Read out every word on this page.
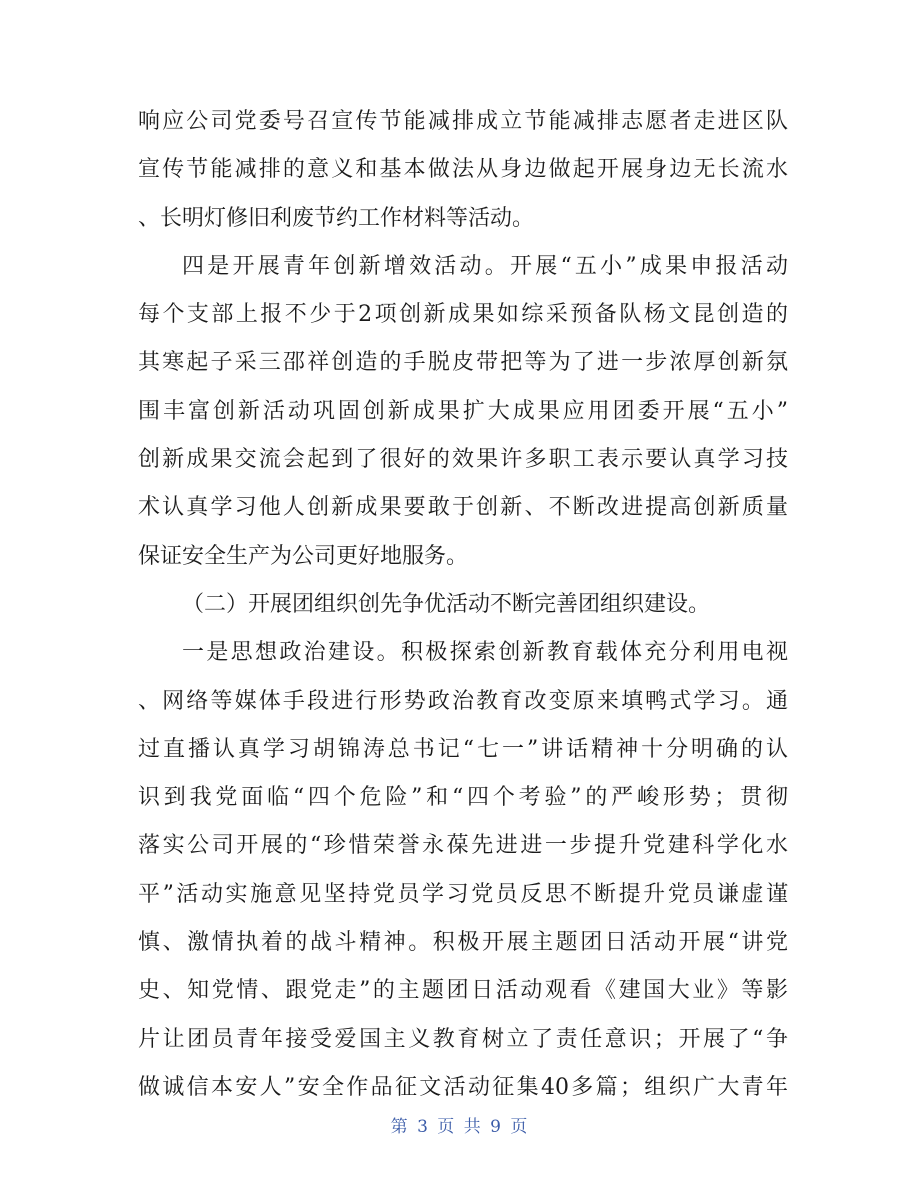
响应公司党委号召宣传节能减排成立节能减排志愿者走进区队
宣传节能减排的意义和基本做法从身边做起开展身边无长流水
、长明灯修旧利废节约工作材料等活动。
四是开展青年创新增效活动。开展“五小”成果申报活动
每个支部上报不少于2项创新成果如综采预备队杨文昆创造的
其寒起子采三邵祥创造的手脱皮带把等为了进一步浓厚创新氛
围丰富创新活动巩固创新成果扩大成果应用团委开展“五小”
创新成果交流会起到了很好的效果许多职工表示要认真学习技
术认真学习他人创新成果要敢于创新、不断改进提高创新质量
保证安全生产为公司更好地服务。
（二）开展团组织创先争优活动不断完善团组织建设。
一是思想政治建设。积极探索创新教育载体充分利用电视
、网络等媒体手段进行形势政治教育改变原来填鸭式学习。通
过直播认真学习胡锦涛总书记“七一”讲话精神十分明确的认
识到我党面临“四个危险”和“四个考验”的严峻形势；贯彻
落实公司开展的“珍惜荣誉永葆先进进一步提升党建科学化水
平”活动实施意见坚持党员学习党员反思不断提升党员谦虚谨
慎、激情执着的战斗精神。积极开展主题团日活动开展“讲党
史、知党情、跟党走”的主题团日活动观看《建国大业》等影
片让团员青年接受爱国主义教育树立了责任意识；开展了“争
做诚信本安人”安全作品征文活动征集40多篇；组织广大青年
第 3 页 共 9 页
